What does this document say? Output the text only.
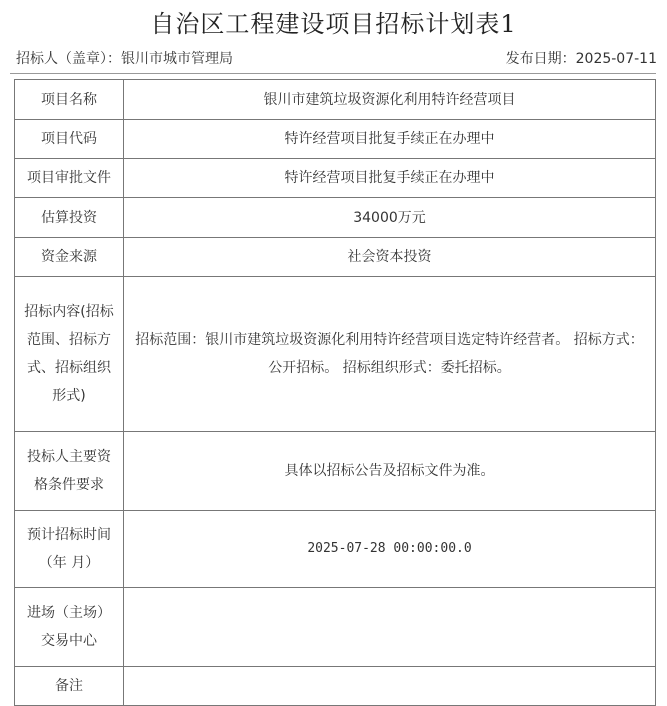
自治区工程建设项目招标计划表1
招标人（盖章）：银川市城市管理局	发布日期：2025-07-11
项目名称	银川市建筑垃圾资源化利用特许经营项目
项目代码	特许经营项目批复手续正在办理中
项目审批文件	特许经营项目批复手续正在办理中
估算投资	34000万元
资金来源	社会资本投资
招标内容(招标范围、招标方式、招标组织形式)	招标范围：银川市建筑垃圾资源化利用特许经营项目选定特许经营者。 招标方式：公开招标。 招标组织形式：委托招标。
投标人主要资格条件要求	具体以招标公告及招标文件为准。
预计招标时间（年 月）	2025-07-28 00:00:00.0
进场（主场）交易中心	
备注	
